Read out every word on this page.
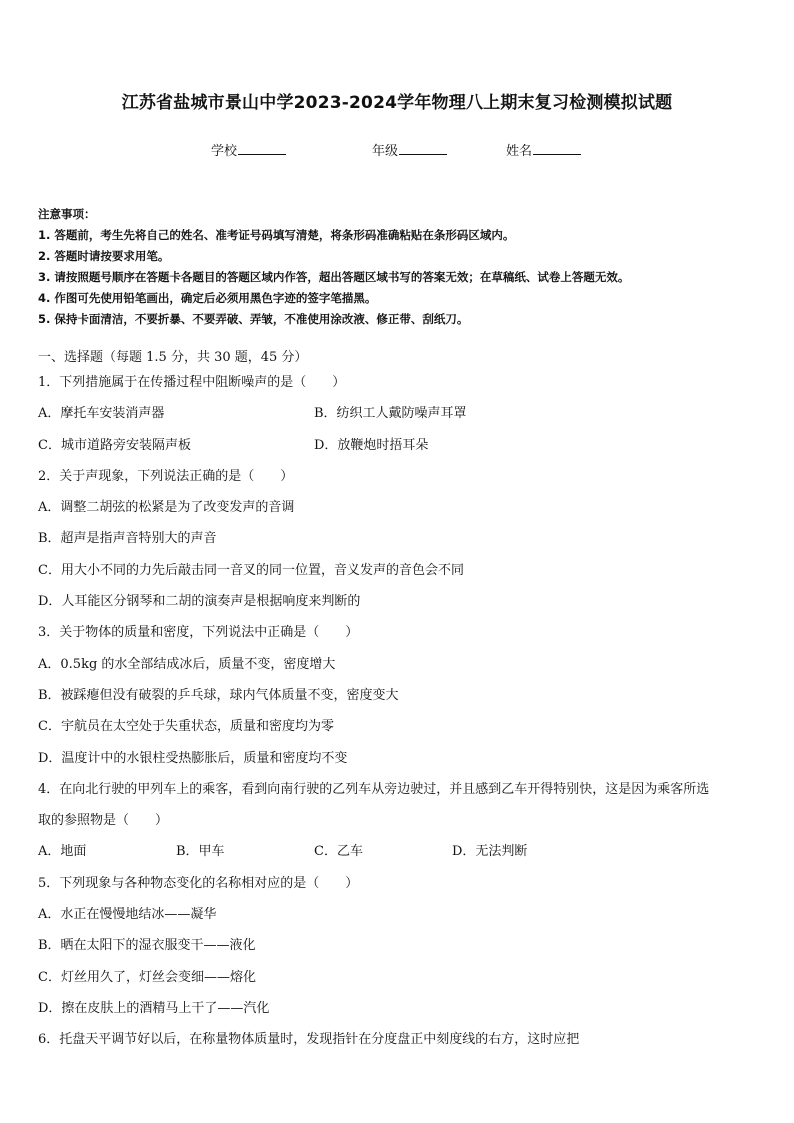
江苏省盐城市景山中学2023-2024学年物理八上期末复习检测模拟试题
学校	年级	姓名
注意事项：
1. 答题前，考生先将自己的姓名、准考证号码填写清楚，将条形码准确粘贴在条形码区域内。
2. 答题时请按要求用笔。
3. 请按照题号顺序在答题卡各题目的答题区域内作答，超出答题区域书写的答案无效；在草稿纸、试卷上答题无效。
4. 作图可先使用铅笔画出，确定后必须用黑色字迹的签字笔描黑。
5. 保持卡面清洁，不要折暴、不要弄破、弄皱，不准使用涂改液、修正带、刮纸刀。
一、选择题（每题 1.5 分，共 30 题，45 分）
1．下列措施属于在传播过程中阻断噪声的是（　　）
A．摩托车安装消声器	B．纺织工人戴防噪声耳罩
C．城市道路旁安装隔声板	D．放鞭炮时捂耳朵
2．关于声现象，下列说法正确的是（　　）
A．调整二胡弦的松紧是为了改变发声的音调
B．超声是指声音特别大的声音
C．用大小不同的力先后敲击同一音叉的同一位置，音义发声的音色会不同
D．人耳能区分钢琴和二胡的演奏声是根据响度来判断的
3．关于物体的质量和密度，下列说法中正确是（　　）
A．0.5kg 的水全部结成冰后，质量不变，密度增大
B．被踩瘪但没有破裂的乒乓球，球内气体质量不变，密度变大
C．宇航员在太空处于失重状态，质量和密度均为零
D．温度计中的水银柱受热膨胀后，质量和密度均不变
4．在向北行驶的甲列车上的乘客，看到向南行驶的乙列车从旁边驶过，并且感到乙车开得特别快，这是因为乘客所选
取的参照物是（　　）
A．地面	B．甲车	C．乙车	D．无法判断
5．下列现象与各种物态变化的名称相对应的是（　　）
A．水正在慢慢地结冰——凝华
B．晒在太阳下的湿衣服变干——液化
C．灯丝用久了，灯丝会变细——熔化
D．擦在皮肤上的酒精马上干了——汽化
6．托盘天平调节好以后，在称量物体质量时，发现指针在分度盘正中刻度线的右方，这时应把
